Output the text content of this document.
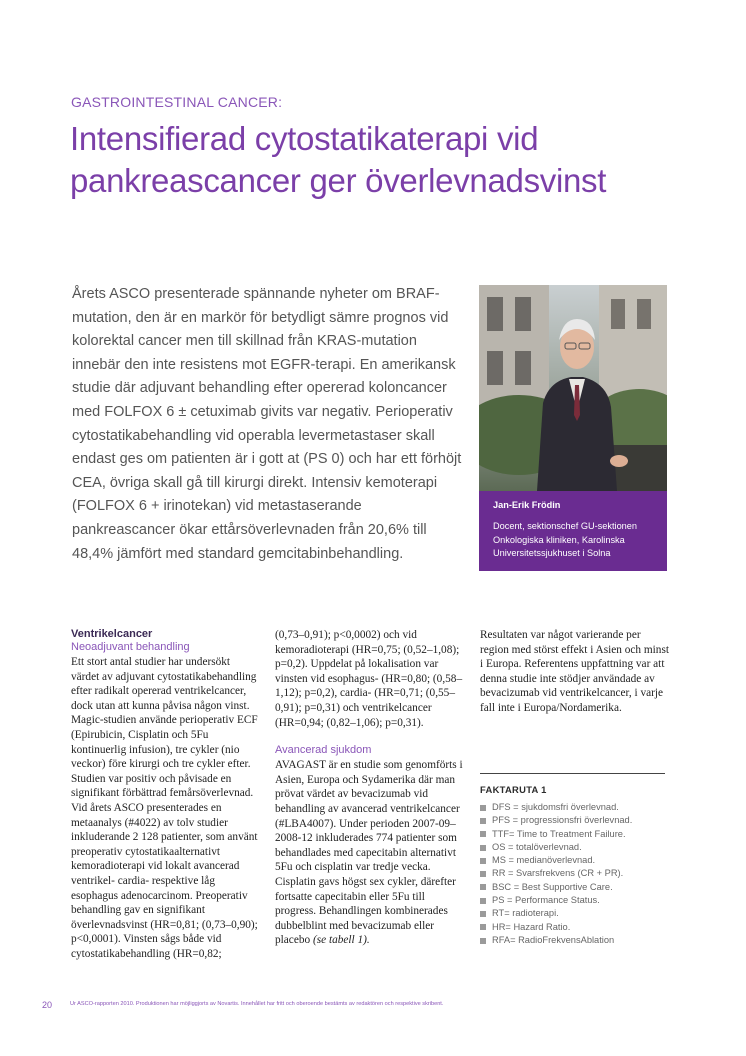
GASTROINTESTINAL CANCER:
Intensifierad cytostatikaterapi vid
pankreascancer ger överlevnadsvinst

Årets ASCO presenterade spännande nyheter om BRAF-mutation, den är en markör för betydligt sämre prognos vid kolorektal cancer men till skillnad från KRAS-mutation innebär den inte resistens mot EGFR-terapi. En amerikansk studie där adjuvant behandling efter opererad koloncancer med FOLFOX 6 ± cetuximab givits var negativ. Perioperativ cytostatikabehandling vid operabla levermetastaser skall endast ges om patienten är i gott at (PS 0) och har ett förhöjt CEA, övriga skall gå till kirurgi direkt. Intensiv kemoterapi (FOLFOX 6 + irinotekan) vid metastaserande pankreascancer ökar ettårsöverlevnaden från 20,6% till 48,4% jämfört med standard gemcitabinbehandling.

Jan-Erik Frödin
Docent, sektionschef GU-sektionen
Onkologiska kliniken, Karolinska
Universitetssjukhuset i Solna
Ventrikelcancer
Neoadjuvant behandling

Ett stort antal studier har undersökt värdet av adjuvant cytostatikabehandling efter radikalt opererad ventrikelcancer, dock utan att kunna påvisa någon vinst. Magic-studien använde perioperativ ECF (Epirubicin, Cisplatin och 5Fu kontinuerlig infusion), tre cykler (nio veckor) före kirurgi och tre cykler efter. Studien var positiv och påvisade en signifikant förbättrad femårsöverlevnad. Vid årets ASCO presenterades en metaanalys (#4022) av tolv studier inkluderande 2 128 patienter, som använt preoperativ cytostatikaalternativt kemoradioterapi vid lokalt avancerad ventrikel- cardia- respektive låg esophagus adenocarcinom. Preoperativ behandling gav en signifikant överlevnadsvinst (HR=0,81; (0,73–0,90); p<0,0001). Vinsten sågs både vid cytostatikabehandling (HR=0,82;

(0,73–0,91); p<0,0002) och vid kemoradioterapi (HR=0,75; (0,52–1,08); p=0,2). Uppdelat på lokalisation var vinsten vid esophagus- (HR=0,80; (0,58–1,12); p=0,2), cardia- (HR=0,71; (0,55–0,91); p=0,31) och ventrikelcancer (HR=0,94; (0,82–1,06); p=0,31).

Avancerad sjukdom

AVAGAST är en studie som genomförts i Asien, Europa och Sydamerika där man prövat värdet av bevacizumab vid behandling av avancerad ventrikelcancer (#LBA4007). Under perioden 2007-09–2008-12 inkluderades 774 patienter som behandlades med capecitabin alternativt 5Fu och cisplatin var tredje vecka. Cisplatin gavs högst sex cykler, därefter fortsatte capecitabin eller 5Fu till progress. Behandlingen kombinerades dubbelblint med bevacizumab eller placebo (se tabell 1).

Resultaten var något varierande per region med störst effekt i Asien och minst i Europa. Referentens uppfattning var att denna studie inte stödjer användade av bevacizumab vid ventrikelcancer, i varje fall inte i Europa/Nordamerika.

FAKTARUTA 1
DFS = sjukdomsfri överlevnad.
PFS = progressionsfri överlevnad.
TTF= Time to Treatment Failure.
OS = totalöverlevnad.
MS = medianöverlevnad.
RR = Svarsfrekvens (CR + PR).
BSC = Best Supportive Care.
PS = Performance Status.
RT= radioterapi.
HR= Hazard Ratio.
RFA= RadioFrekvensAblation
20	Ur ASCO-rapporten 2010. Produktionen har möjliggjorts av Novartis. Innehållet har fritt och oberoende bestämts av redaktören och respektive skribent.
